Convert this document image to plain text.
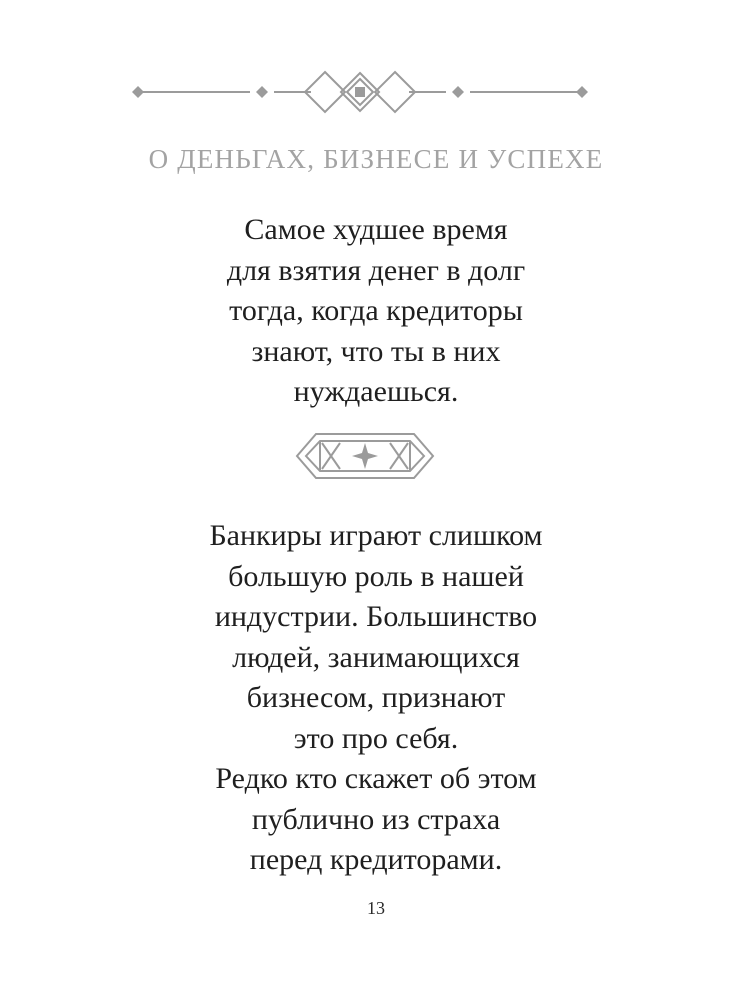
О ДЕНЬГАХ, БИЗНЕСЕ И УСПЕХЕ
Самое худшее время
для взятия денег в долг
тогда, когда кредиторы
знают, что ты в них
нуждаешься.
Банкиры играют слишком
большую роль в нашей
индустрии. Большинство
людей, занимающихся
бизнесом, признают
это про себя.
Редко кто скажет об этом
публично из страха
перед кредиторами.
13
